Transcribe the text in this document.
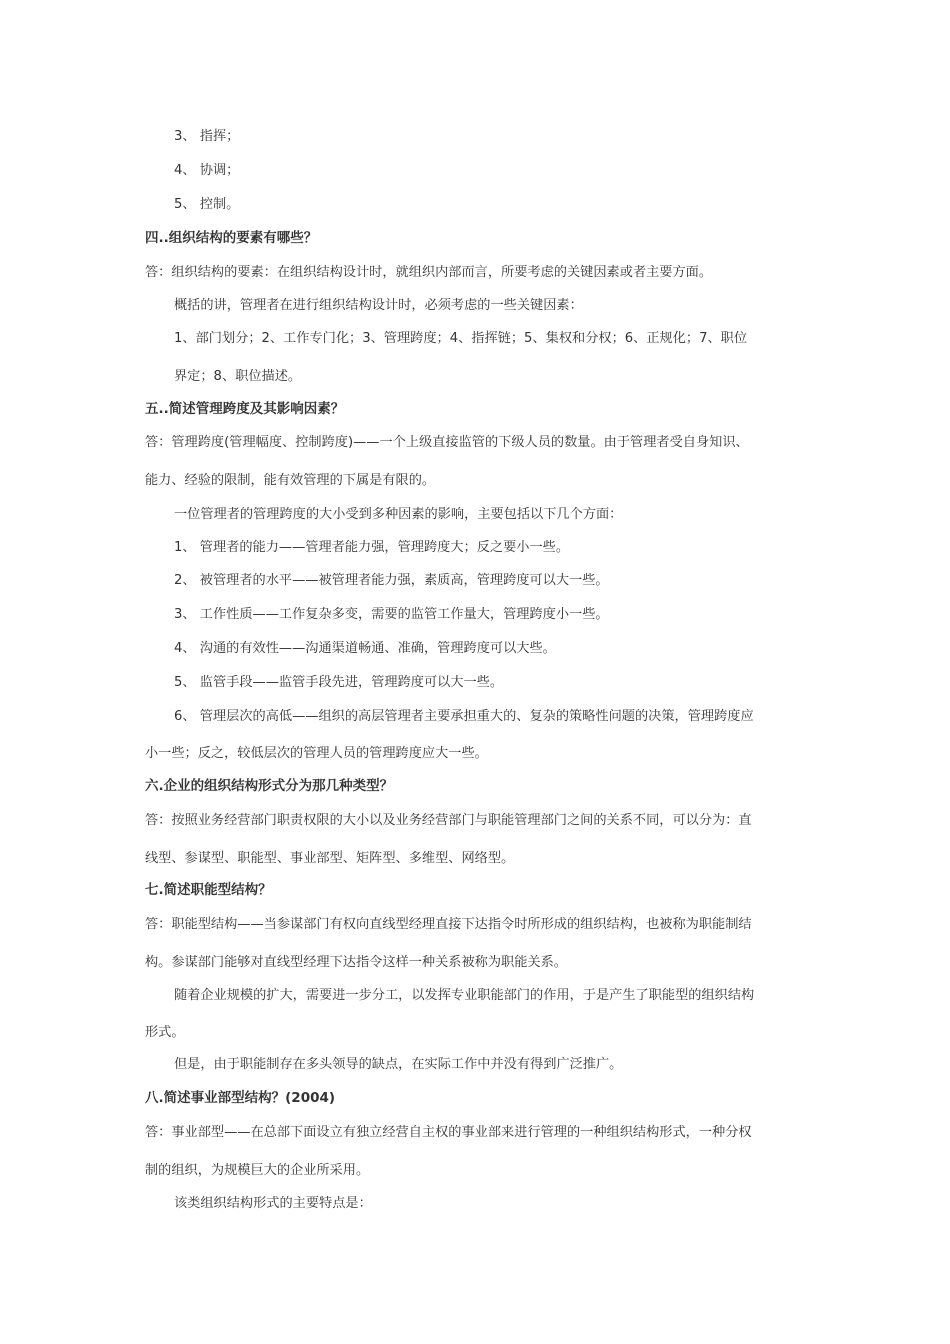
3、 指挥；
4、 协调；
5、 控制。
四..组织结构的要素有哪些？
答：组织结构的要素：在组织结构设计时，就组织内部而言，所要考虑的关键因素或者主要方面。
概括的讲，管理者在进行组织结构设计时，必须考虑的一些关键因素：
1、部门划分；2、工作专门化；3、管理跨度；4、指挥链；5、集权和分权；6、正规化；7、职位
界定；8、职位描述。
五..简述管理跨度及其影响因素？
答：管理跨度(管理幅度、控制跨度)——一个上级直接监管的下级人员的数量。由于管理者受自身知识、
能力、经验的限制，能有效管理的下属是有限的。
一位管理者的管理跨度的大小受到多种因素的影响，主要包括以下几个方面：
1、 管理者的能力——管理者能力强，管理跨度大；反之要小一些。
2、 被管理者的水平——被管理者能力强，素质高，管理跨度可以大一些。
3、 工作性质——工作复杂多变，需要的监管工作量大，管理跨度小一些。
4、 沟通的有效性——沟通渠道畅通、准确，管理跨度可以大些。
5、 监管手段——监管手段先进，管理跨度可以大一些。
6、 管理层次的高低——组织的高层管理者主要承担重大的、复杂的策略性问题的决策，管理跨度应
小一些；反之，较低层次的管理人员的管理跨度应大一些。
六.企业的组织结构形式分为那几种类型？
答：按照业务经营部门职责权限的大小以及业务经营部门与职能管理部门之间的关系不同，可以分为：直
线型、参谋型、职能型、事业部型、矩阵型、多维型、网络型。
七.简述职能型结构？
答：职能型结构——当参谋部门有权向直线型经理直接下达指令时所形成的组织结构，也被称为职能制结
构。参谋部门能够对直线型经理下达指令这样一种关系被称为职能关系。
随着企业规模的扩大，需要进一步分工，以发挥专业职能部门的作用，于是产生了职能型的组织结构
形式。
但是，由于职能制存在多头领导的缺点，在实际工作中并没有得到广泛推广。
八.简述事业部型结构？(2004)
答：事业部型——在总部下面设立有独立经营自主权的事业部来进行管理的一种组织结构形式，一种分权
制的组织，为规模巨大的企业所采用。
该类组织结构形式的主要特点是：
